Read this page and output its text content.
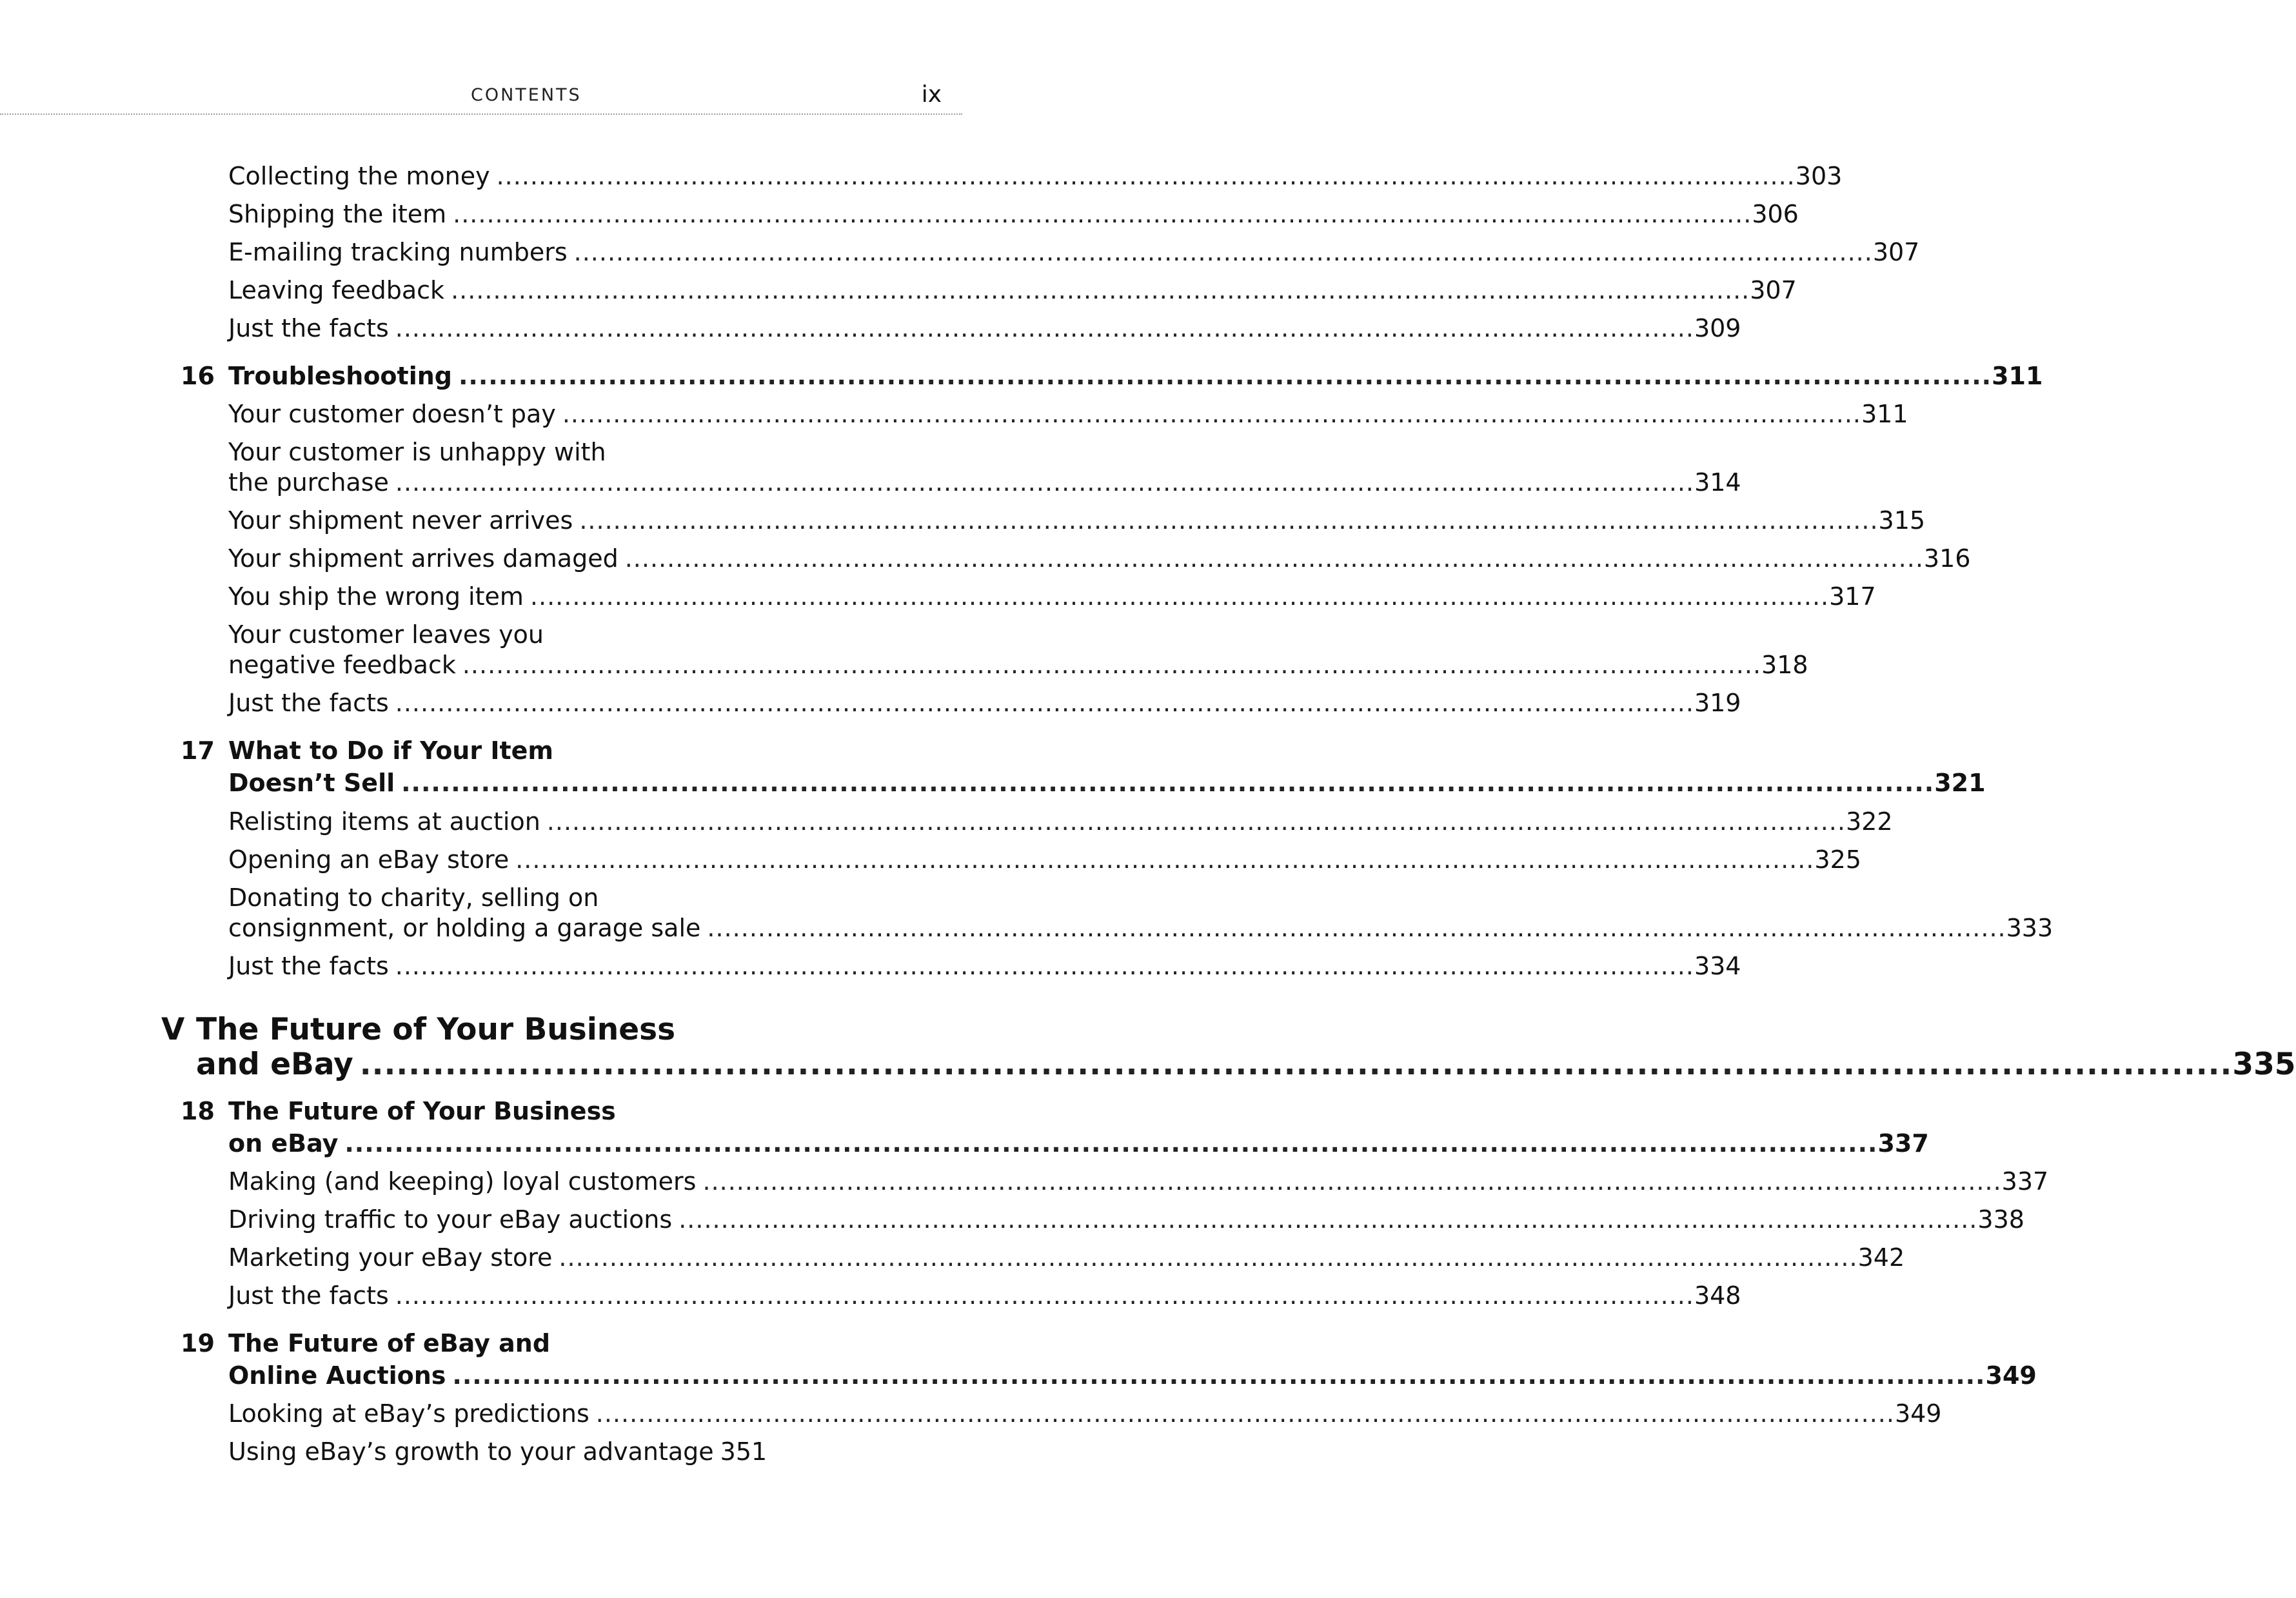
CONTENTS	ix
Collecting the money .......................................................................................................................................................... 303
Shipping the item .......................................................................................................................................................... 306
E-mailing tracking numbers .......................................................................................................................................................... 307
Leaving feedback .......................................................................................................................................................... 307
Just the facts .......................................................................................................................................................... 309
16 Troubleshooting .......................................................................................................................................................... 311
Your customer doesn’t pay .......................................................................................................................................................... 311
Your customer is unhappy with
the purchase .......................................................................................................................................................... 314
Your shipment never arrives .......................................................................................................................................................... 315
Your shipment arrives damaged .......................................................................................................................................................... 316
You ship the wrong item .......................................................................................................................................................... 317
Your customer leaves you
negative feedback .......................................................................................................................................................... 318
Just the facts .......................................................................................................................................................... 319
17 What to Do if Your Item
Doesn’t Sell .......................................................................................................................................................... 321
Relisting items at auction .......................................................................................................................................................... 322
Opening an eBay store .......................................................................................................................................................... 325
Donating to charity, selling on
consignment, or holding a garage sale .......................................................................................................................................................... 333
Just the facts .......................................................................................................................................................... 334
V The Future of Your Business
and eBay .......................................................................................................................................................... 335
18 The Future of Your Business
on eBay .......................................................................................................................................................... 337
Making (and keeping) loyal customers .......................................................................................................................................................... 337
Driving traffic to your eBay auctions .......................................................................................................................................................... 338
Marketing your eBay store .......................................................................................................................................................... 342
Just the facts .......................................................................................................................................................... 348
19 The Future of eBay and
Online Auctions .......................................................................................................................................................... 349
Looking at eBay’s predictions .......................................................................................................................................................... 349
Using eBay’s growth to your advantage 351
